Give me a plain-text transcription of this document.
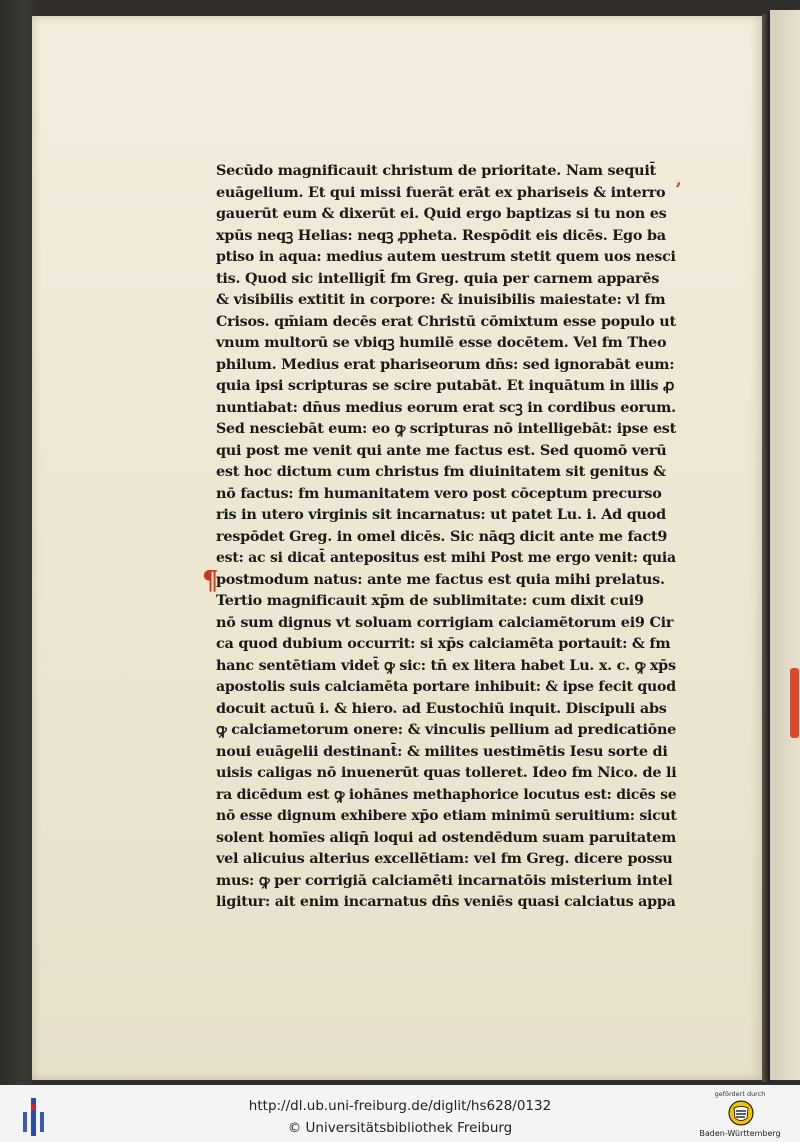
¶
,
Secūdo magnificauit christum de prioritate. Nam sequit̄
euāgelium. Et qui missi fuerāt erāt ex phariseis & interro
gauerūt eum & dixerūt ei. Quid ergo baptizas si tu non es
xpūs neqꝫ Helias: neqꝫ ꝓpheta. Respōdit eis dicēs. Ego ba
ptiso in aqua: medius autem uestrum stetit quem uos nesci
tis. Quod sic intelligit̄ fm Greg. quia per carnem apparēs
& visibilis extitit in corpore: & inuisibilis maiestate: vl fm
Crisos. qm̄iam decēs erat Christū cōmixtum esse populo ut
vnum multorū se vbiqꝫ humilē esse docētem. Vel fm Theo
philum. Medius erat phariseorum dn̄s: sed ignorabāt eum:
quia ipsi scripturas se scire putabāt. Et inquātum in illis ꝓ
nuntiabat: dn̄us medius eorum erat scꝫ in cordibus eorum.
Sed nesciebāt eum: eo ꝙ scripturas nō intelligebāt: ipse est
qui post me venit qui ante me factus est. Sed quomō verū
est hoc dictum cum christus fm diuinitatem sit genitus &
nō factus: fm humanitatem vero post cōceptum precurso
ris in utero virginis sit incarnatus: ut patet Lu. i. Ad quod
respōdet Greg. in omel dicēs. Sic nāqꝫ dicit ante me fact9
est: ac si dicat̄ antepositus est mihi Post me ergo venit: quia
postmodum natus: ante me factus est quia mihi prelatus.
Tertio magnificauit xp̄m de sublimitate: cum dixit cui9
nō sum dignus vt soluam corrigiam calciamētorum ei9 Cir
ca quod dubium occurrit: si xp̄s calciamēta portauit: & fm
hanc sentētiam videt̄ ꝙ sic: tn̄ ex litera habet Lu. x. c. ꝙ xp̄s
apostolis suis calciamēta portare inhibuit: & ipse fecit quod
docuit actuū i. & hiero. ad Eustochiū inquit. Discipuli abs
ꝙ calciametorum onere: & vinculis pellium ad predicatiōne
noui euāgelii destinant̄: & milites uestimētis Iesu sorte di
uisis caligas nō inuenerūt quas tolleret. Ideo fm Nico. de li
ra dicēdum est ꝙ iohānes methaphorice locutus est: dicēs se
nō esse dignum exhibere xp̄o etiam minimū seruitium: sicut
solent homīes aliqn̄ loqui ad ostendēdum suam paruitatem
vel alicuius alterius excellētiam: vel fm Greg. dicere possu
mus: ꝙ per corrigiā calciamēti incarnatōis misterium intel
ligitur: ait enim incarnatus dn̄s veniēs quasi calciatus appa
http://dl.ub.uni-freiburg.de/diglit/hs628/0132
© Universitätsbibliothek Freiburg
gefördert durch
Baden-Württemberg
